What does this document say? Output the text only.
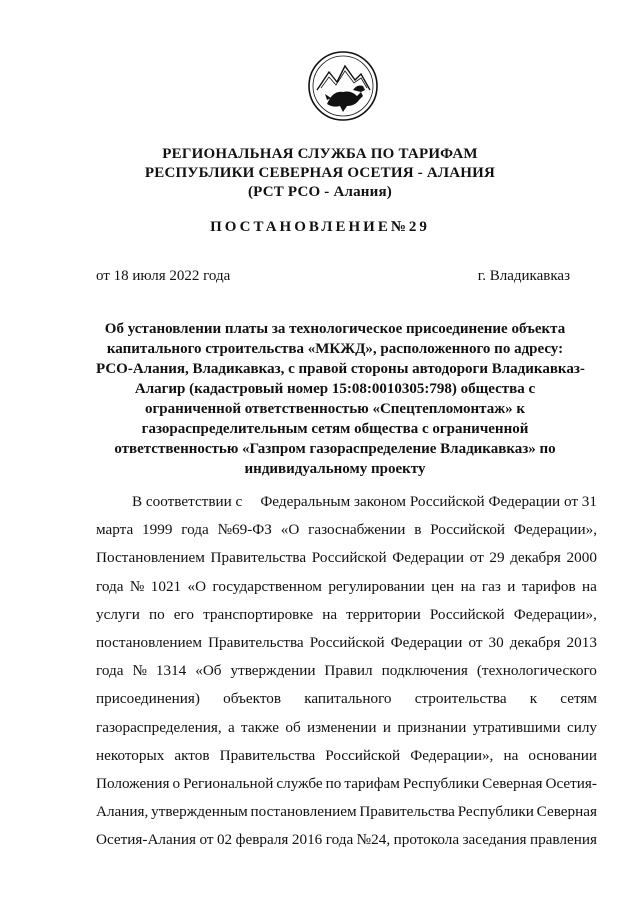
РЕГИОНАЛЬНАЯ СЛУЖБА ПО ТАРИФАМ
РЕСПУБЛИКИ СЕВЕРНАЯ ОСЕТИЯ - АЛАНИЯ
(РСТ РСО - Алания)
ПОСТАНОВЛЕНИЕ№29
от 18 июля 2022 года	г. Владикавказ
Об установлении платы за технологическое присоединение объекта
капитального строительства «МКЖД», расположенного по адресу:
РСО-Алания, Владикавказ, с правой стороны автодороги Владикавказ-
Алагир (кадастровый номер 15:08:0010305:798) общества с
ограниченной ответственностью «Спецтепломонтаж» к
газораспределительным сетям общества с ограниченной
ответственностью «Газпром газораспределение Владикавказ» по
индивидуальному проекту
В соответствии с Федеральным законом Российской Федерации от 31
марта 1999 года №69-ФЗ «О газоснабжении в Российской Федерации»,
Постановлением Правительства Российской Федерации от 29 декабря 2000
года № 1021 «О государственном регулировании цен на газ и тарифов на
услуги по его транспортировке на территории Российской Федерации»,
постановлением Правительства Российской Федерации от 30 декабря 2013
года № 1314 «Об утверждении Правил подключения (технологического
присоединения) объектов капитального строительства к сетям
газораспределения, а также об изменении и признании утратившими силу
некоторых актов Правительства Российской Федерации», на основании
Положения о Региональной службе по тарифам Республики Северная Осетия-
Алания, утвержденным постановлением Правительства Республики Северная
Осетия-Алания от 02 февраля 2016 года №24, протокола заседания правления
